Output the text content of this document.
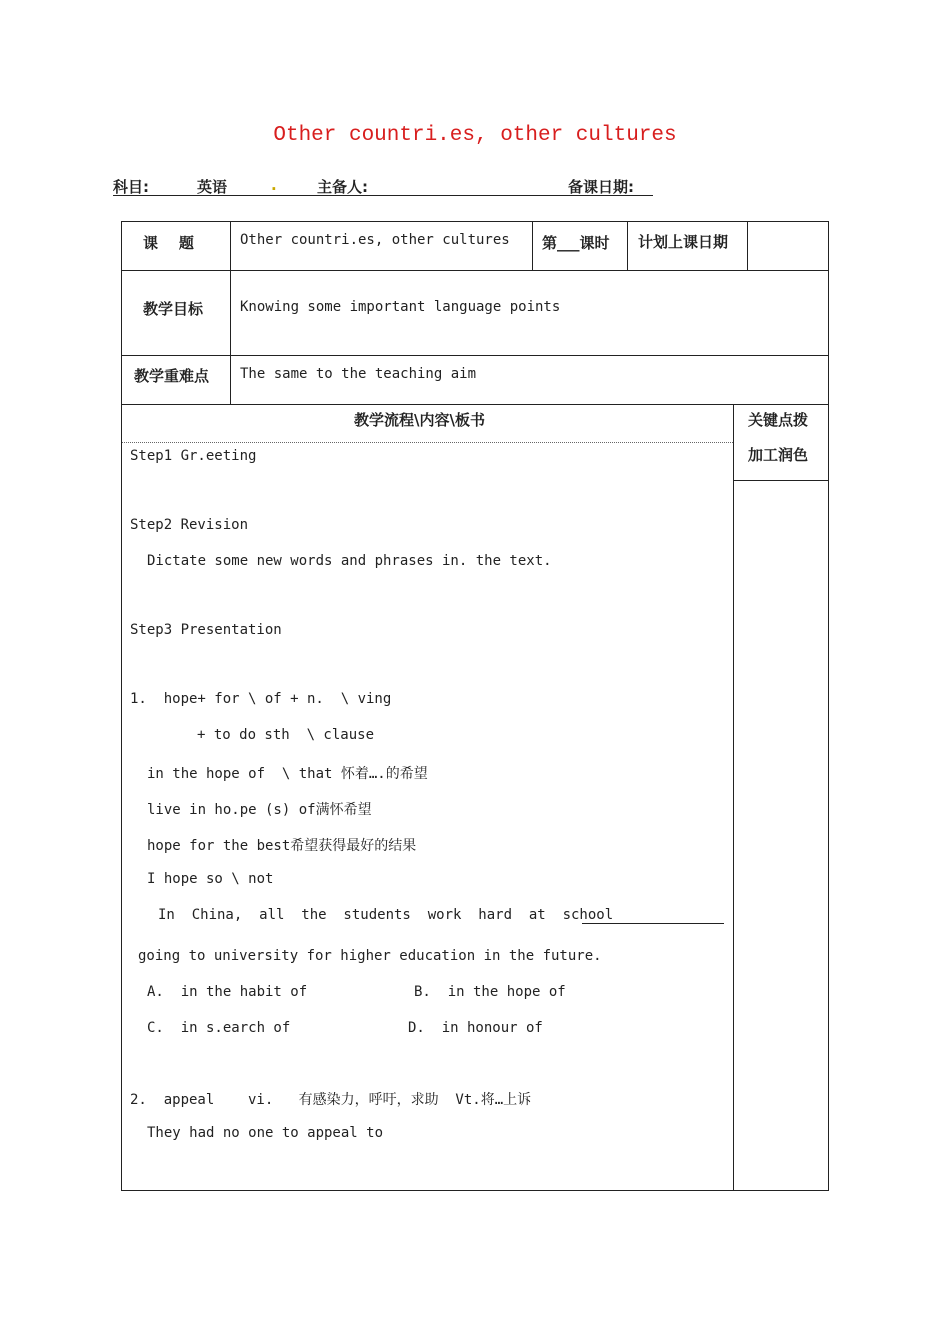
Other countri.es, other cultures
科目:	英语	.	主备人:	备课日期:
课    题	Other countri.es, other cultures 第___课时 计划上课日期
教学目标	Knowing some important language points
教学重难点 The same to the teaching aim
教学流程\内容\板书	关键点拨
加工润色
Step1 Gr.eeting
Step2 Revision
Dictate some new words and phrases in. the text.
Step3 Presentation
1.  hope+ for \ of + n.  \ ving
+ to do sth  \ clause
in the hope of  \ that 怀着….的希望
live in ho.pe (s) of满怀希望
hope for the best希望获得最好的结果
I hope so \ not
In  China,  all  the  students  work  hard  at  school
going to university for higher education in the future.
A.  in the habit of	B.  in the hope of
C.  in s.earch of	D.  in honour of
2.  appeal    vi.   有感染力，呼吁，求助  Vt.将…上诉
They had no one to appeal to
